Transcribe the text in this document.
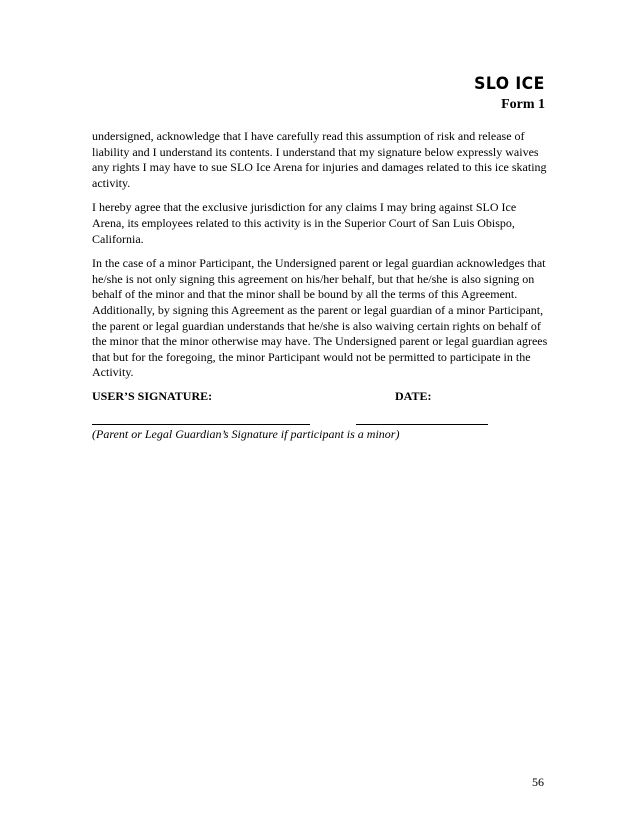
SLO ICE
Form 1

undersigned, acknowledge that I have carefully read this assumption of risk and release of liability and I understand its contents. I understand that my signature below expressly waives any rights I may have to sue SLO Ice Arena for injuries and damages related to this ice skating activity.

I hereby agree that the exclusive jurisdiction for any claims I may bring against SLO Ice Arena, its employees related to this activity is in the Superior Court of San Luis Obispo, California.

In the case of a minor Participant, the Undersigned parent or legal guardian acknowledges that he/she is not only signing this agreement on his/her behalf, but that he/she is also signing on behalf of the minor and that the minor shall be bound by all the terms of this Agreement. Additionally, by signing this Agreement as the parent or legal guardian of a minor Participant, the parent or legal guardian understands that he/she is also waiving certain rights on behalf of the minor that the minor otherwise may have. The Undersigned parent or legal guardian agrees that but for the foregoing, the minor Participant would not be permitted to participate in the Activity.

USER’S SIGNATURE:	DATE:
(Parent or Legal Guardian’s Signature if participant is a minor)
56
